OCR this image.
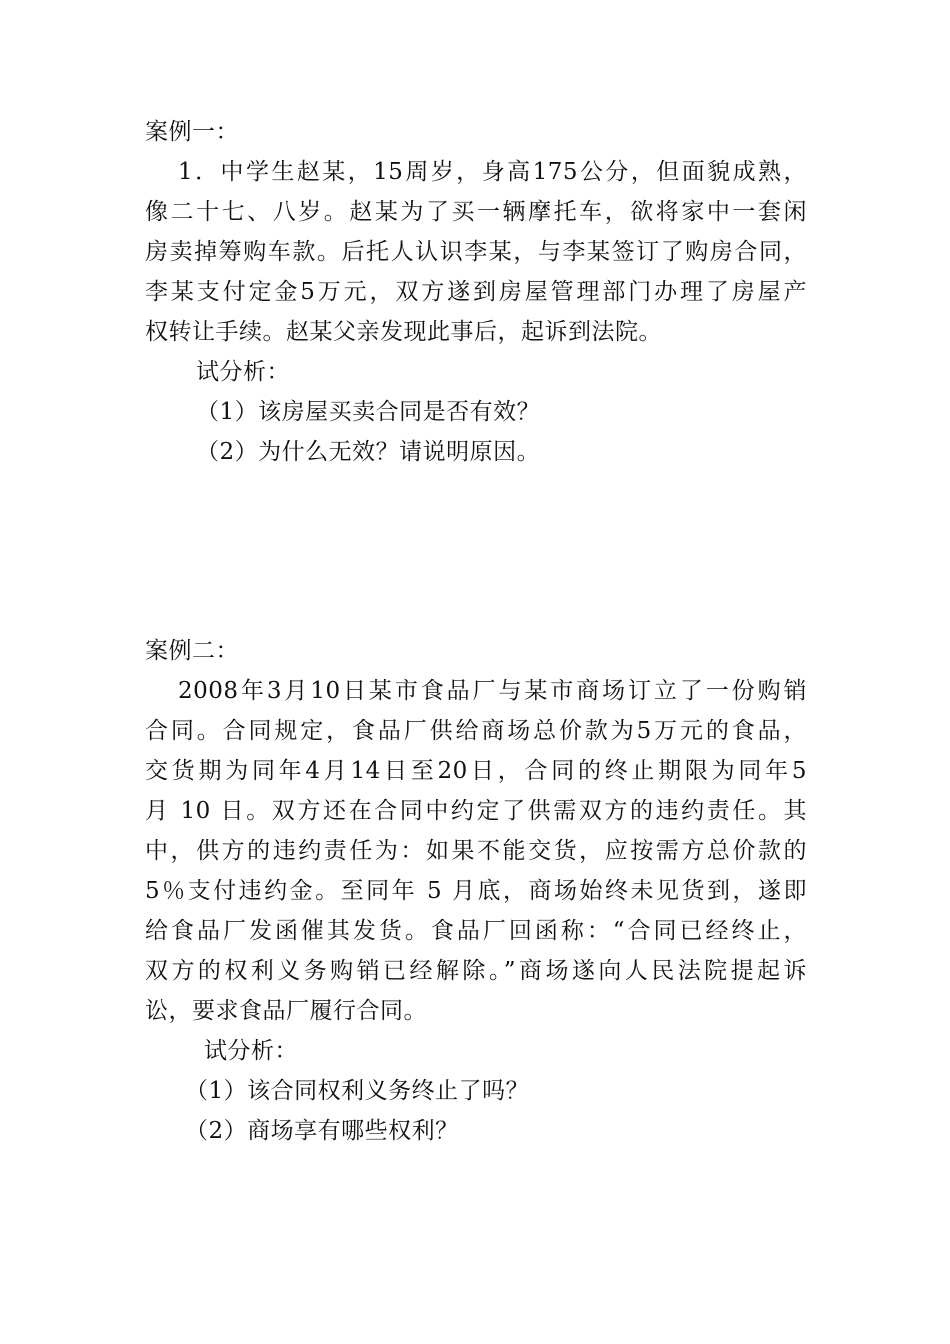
案例一：
1．中学生赵某，15周岁，身高175公分，但面貌成熟，
像二十七、八岁。赵某为了买一辆摩托车，欲将家中一套闲
房卖掉筹购车款。后托人认识李某，与李某签订了购房合同，
李某支付定金5万元，双方遂到房屋管理部门办理了房屋产
权转让手续。赵某父亲发现此事后，起诉到法院。
试分析：
（1）该房屋买卖合同是否有效？
（2）为什么无效？请说明原因。
案例二：
2008年3月10日某市食品厂与某市商场订立了一份购销
合同。合同规定，食品厂供给商场总价款为5万元的食品，
交货期为同年4月14日至20日，合同的终止期限为同年5
月 10 日。双方还在合同中约定了供需双方的违约责任。其
中，供方的违约责任为：如果不能交货，应按需方总价款的
5％支付违约金。至同年 5 月底，商场始终未见货到，遂即
给食品厂发函催其发货。食品厂回函称：“合同已经终止，
双方的权利义务购销已经解除。”商场遂向人民法院提起诉
讼，要求食品厂履行合同。
试分析：
（1）该合同权利义务终止了吗？
（2）商场享有哪些权利？
